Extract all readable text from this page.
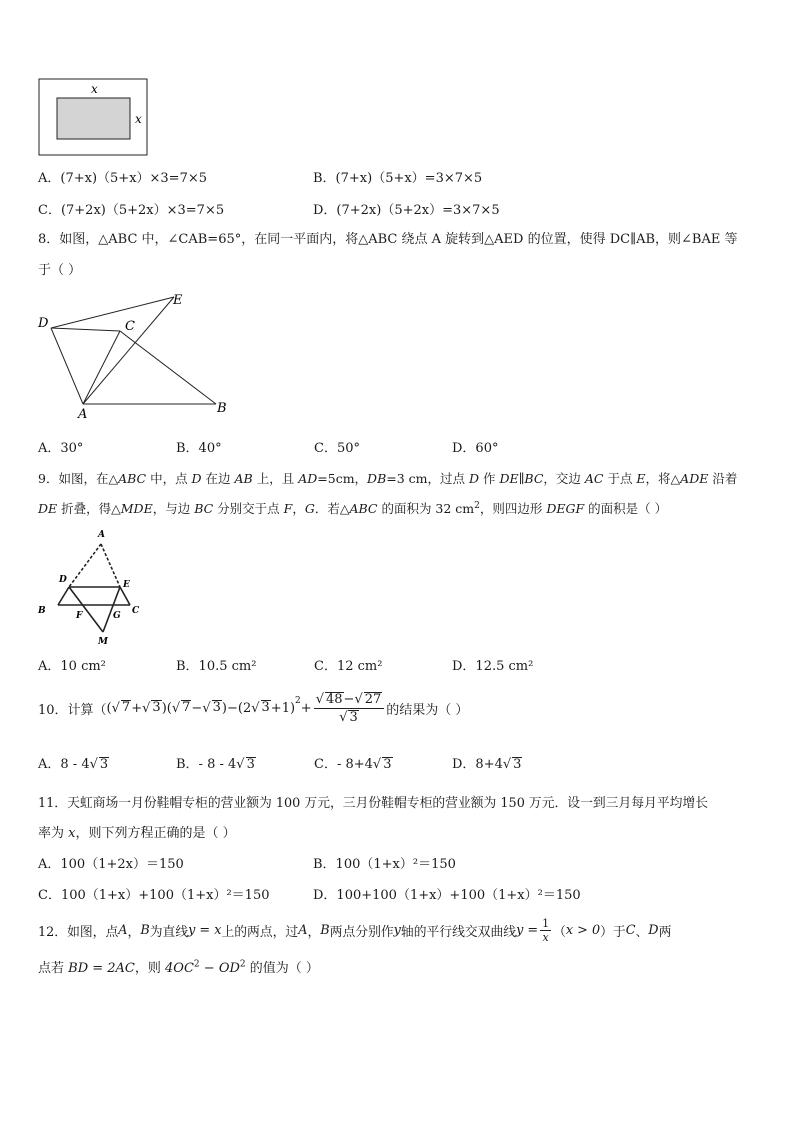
x
x
A．(7+x)（5+x）×3=7×5	B．(7+x)（5+x）=3×7×5
C．(7+2x)（5+2x）×3=7×5	D．(7+2x)（5+2x）=3×7×5
8．如图，△ABC 中，∠CAB=65°，在同一平面内，将△ABC 绕点 A 旋转到△AED 的位置，使得 DC∥AB，则∠BAE 等
于（ ）
D	C
E
A	B
A．30°	B．40°	C．50°	D．60°
9．如图，在△ABC 中，点 D 在边 AB 上，且 AD=5cm，DB=3 cm，过点 D 作 DE∥BC，交边 AC 于点 E，将△ADE 沿着
DE 折叠，得△MDE，与边 BC 分别交于点 F，G．若△ABC 的面积为 32 $cm^2$，则四边形 DEGF 的面积是（ ）
A
D	E
B	F	G C
M
A．10 cm²	B．10.5 cm²	C．12 cm²	D．12.5 cm²
10．计算（ ( √ 7 + √ 3 )( √ 7 − √ 3 )−(2 √ $3 +1)^2 + \frac{√ 48-√ 27}{√ 3}$ 的结果为（ ）
A．8 - 4√ 3	B．- 8 - 4√ 3	C．- 8+4√ 3	D．8+4√ 3
11．天虹商场一月份鞋帽专柜的营业额为 100 万元，三月份鞋帽专柜的营业额为 150 万元．设一到三月每月平均增长
率为 x，则下列方程正确的是（ ）
A．100（1+2x）＝150	B．100（1+x）²＝150
C．100（1+x）+100（1+x）²＝150	D．100+100（1+x）+100（1+x）²＝150
12．如图，点 A ， B 为直线 y = x 上的两点，过 A ， B 两点分别作 y 轴的平行线交双曲线 $y = \frac{1}{x}$ （ x > 0 ）于 C 、 D 两
点若 BD = 2AC，则 $4OC^2 - OD^2$ 的值为（ ）
